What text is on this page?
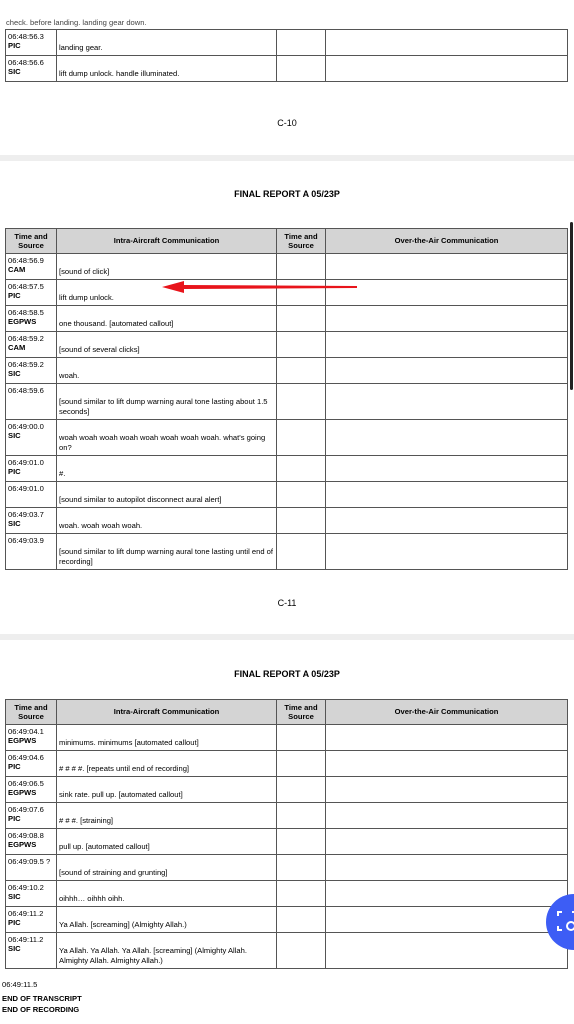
check. before landing. landing gear down.
06:48:56.3
PIC	landing gear.		

06:48:56.6
SIC	lift dump unlock. handle illuminated.		
C-10
FINAL REPORT A 05/23P
Time and Source	Intra-Aircraft Communication	Time and Source	Over-the-Air Communication

06:48:56.9
CAM	[sound of click]		

06:48:57.5
PIC	lift dump unlock.		

06:48:58.5
EGPWS	one thousand. [automated callout]		

06:48:59.2
CAM	[sound of several clicks]		

06:48:59.2
SIC	woah.		

06:48:59.6	[sound similar to lift dump warning aural tone lasting about 1.5 seconds]		

06:49:00.0
SIC	woah woah woah woah woah woah woah woah. what's going on?		

06:49:01.0
PIC	#.		

06:49:01.0	[sound similar to autopilot disconnect aural alert]		

06:49:03.7
SIC	woah. woah woah woah.		

06:49:03.9	[sound similar to lift dump warning aural tone lasting until end of recording]		
C-11
FINAL REPORT A 05/23P
Time and Source	Intra-Aircraft Communication	Time and Source	Over-the-Air Communication

06:49:04.1
EGPWS	minimums. minimums [automated callout]		

06:49:04.6
PIC	# # # #. [repeats until end of recording]		

06:49:06.5
EGPWS	sink rate. pull up. [automated callout]		

06:49:07.6
PIC	# # #. [straining]		

06:49:08.8
EGPWS	pull up. [automated callout]		

06:49:09.5 ?	[sound of straining and grunting]		

06:49:10.2
SIC	oihhh… oihhh oihh.		

06:49:11.2
PIC	Ya Allah. [screaming] (Almighty Allah.)		

06:49:11.2
SIC	Ya Allah. Ya Allah. Ya Allah. [screaming] (Almighty Allah. Almighty Allah. Almighty Allah.)		
06:49:11.5
END OF TRANSCRIPT
END OF RECORDING
